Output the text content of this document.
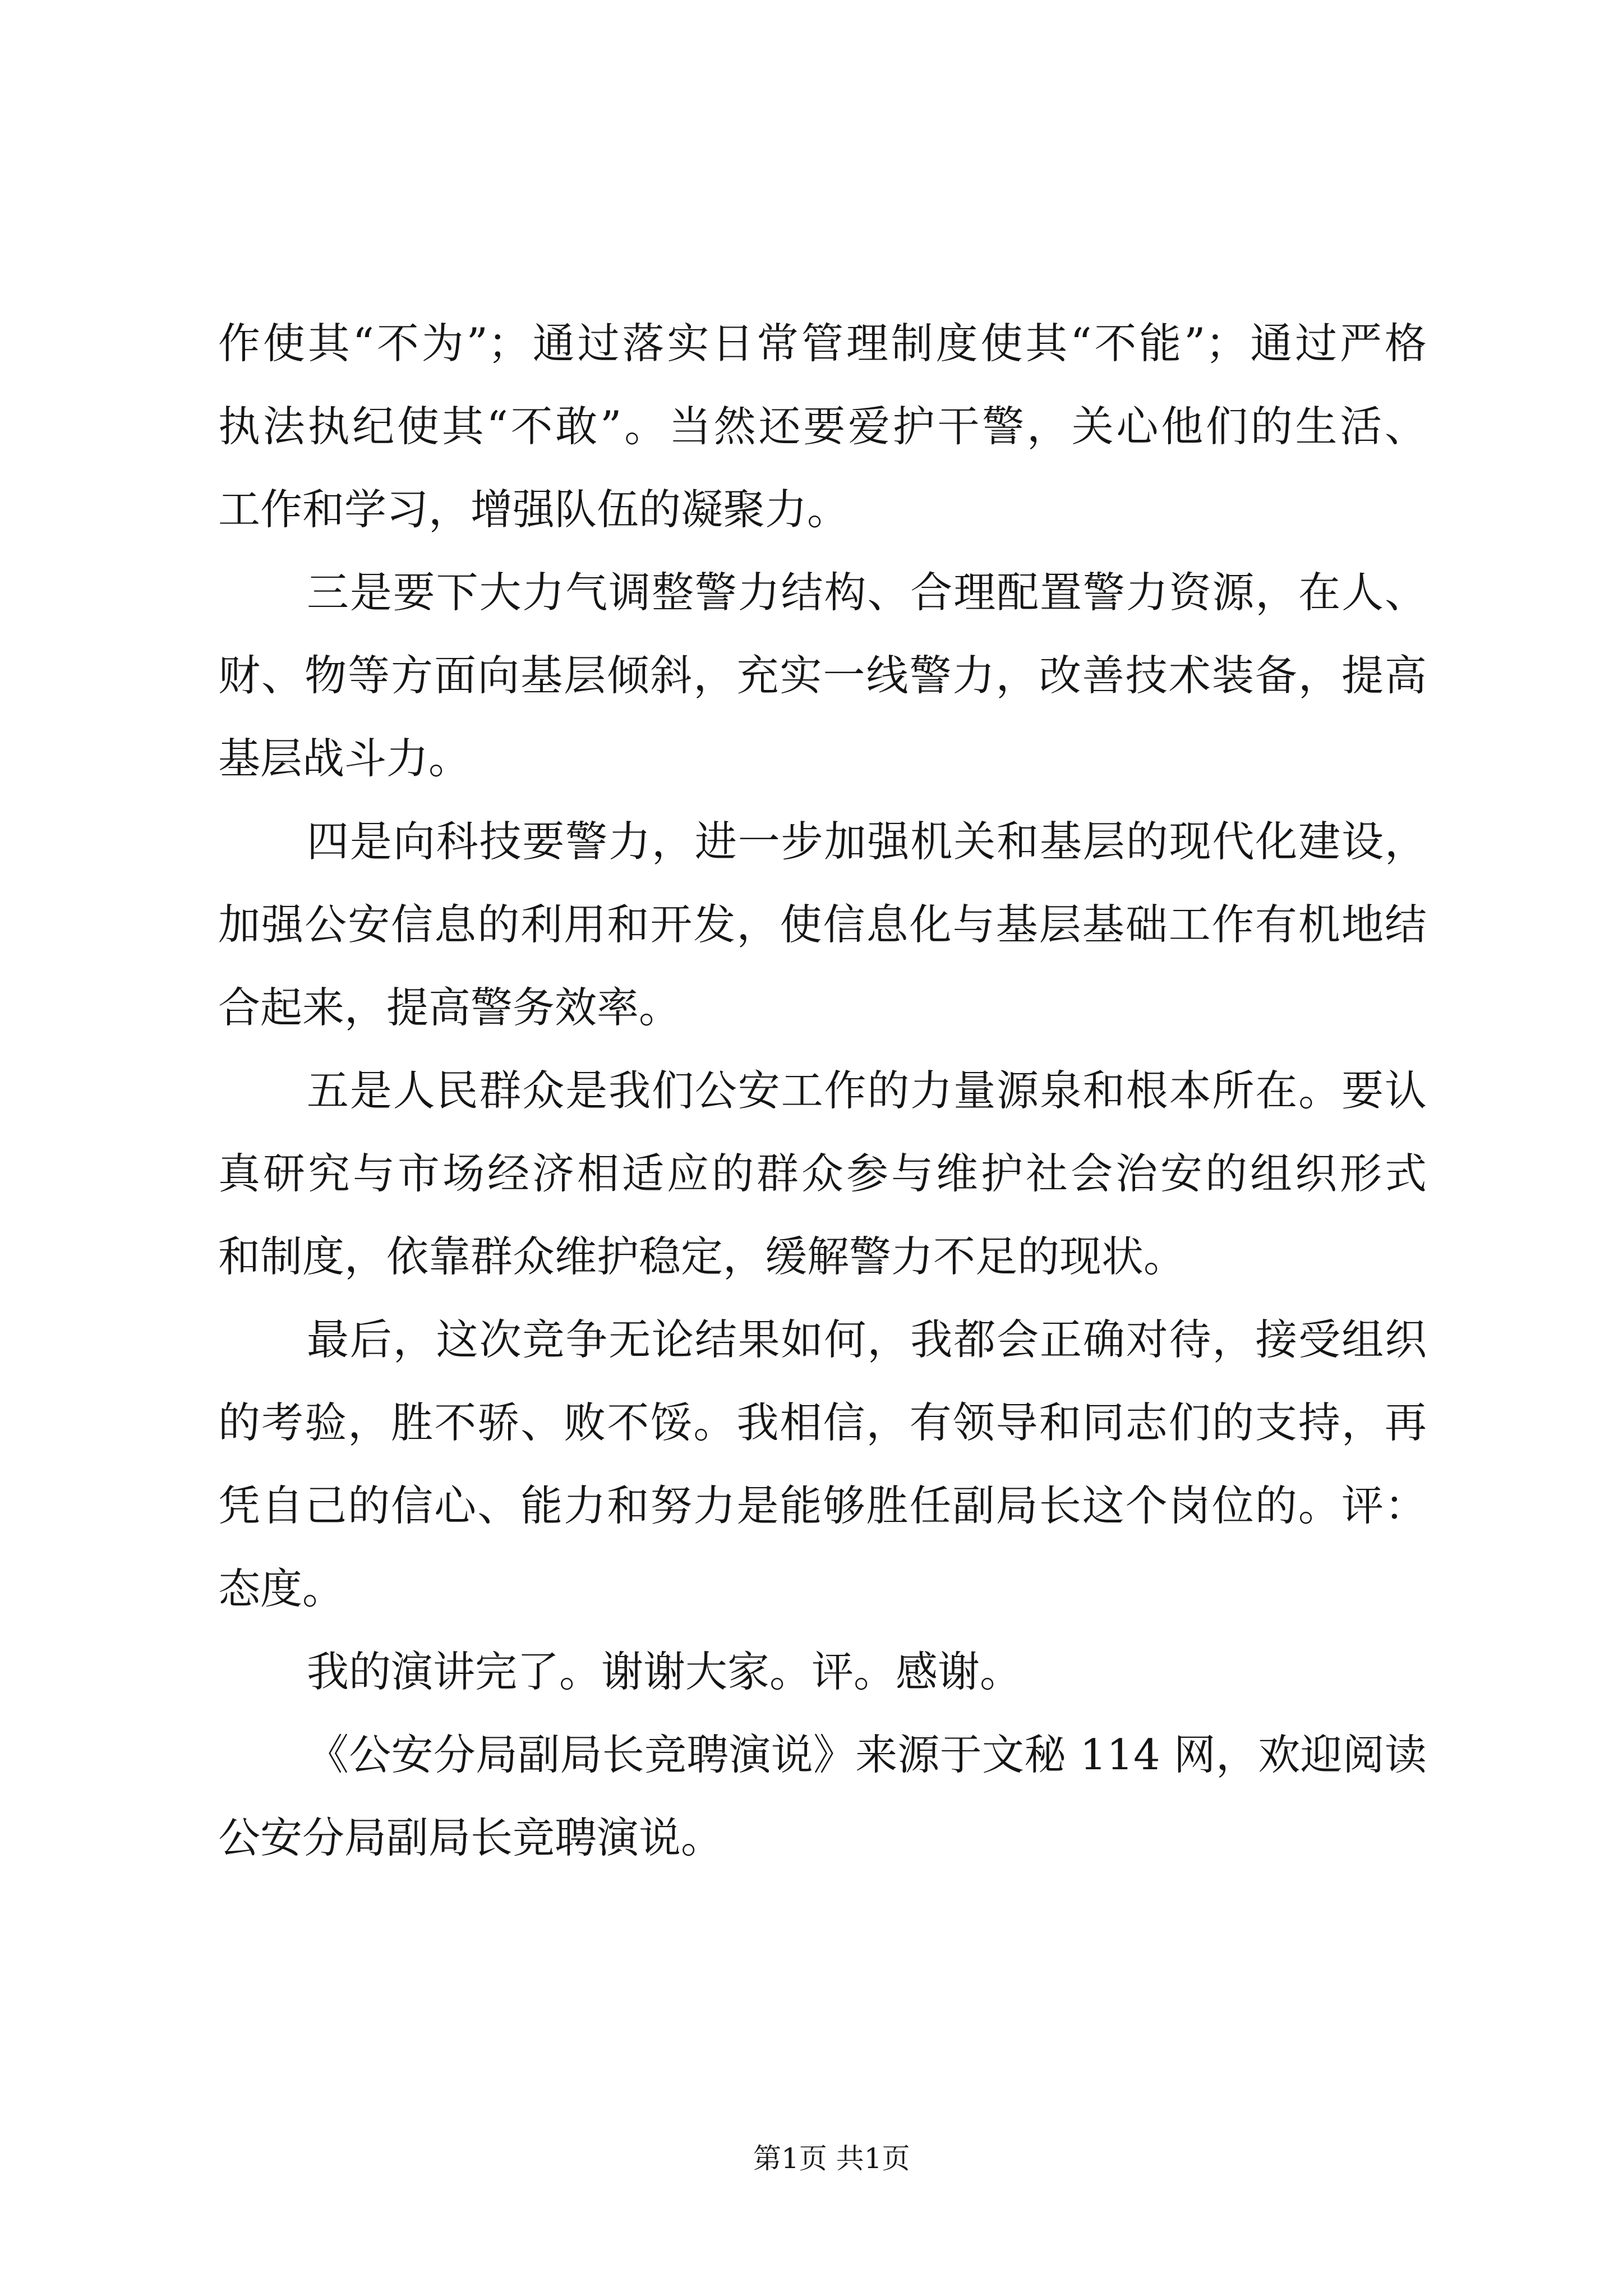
作使其“不为”；通过落实日常管理制度使其“不能”；通过严格
执法执纪使其“不敢”。当然还要爱护干警，关心他们的生活、
工作和学习，增强队伍的凝聚力。
三是要下大力气调整警力结构、合理配置警力资源，在人、
财、物等方面向基层倾斜，充实一线警力，改善技术装备，提高
基层战斗力。
四是向科技要警力，进一步加强机关和基层的现代化建设，
加强公安信息的利用和开发，使信息化与基层基础工作有机地结
合起来，提高警务效率。
五是人民群众是我们公安工作的力量源泉和根本所在。要认
真研究与市场经济相适应的群众参与维护社会治安的组织形式
和制度，依靠群众维护稳定，缓解警力不足的现状。
最后，这次竞争无论结果如何，我都会正确对待，接受组织
的考验，胜不骄、败不馁。我相信，有领导和同志们的支持，再
凭自己的信心、能力和努力是能够胜任副局长这个岗位的。评：
态度。
我的演讲完了。谢谢大家。评。感谢。
《公安分局副局长竞聘演说》来源于文秘 114 网，欢迎阅读
公安分局副局长竞聘演说。
第1页 共1页
